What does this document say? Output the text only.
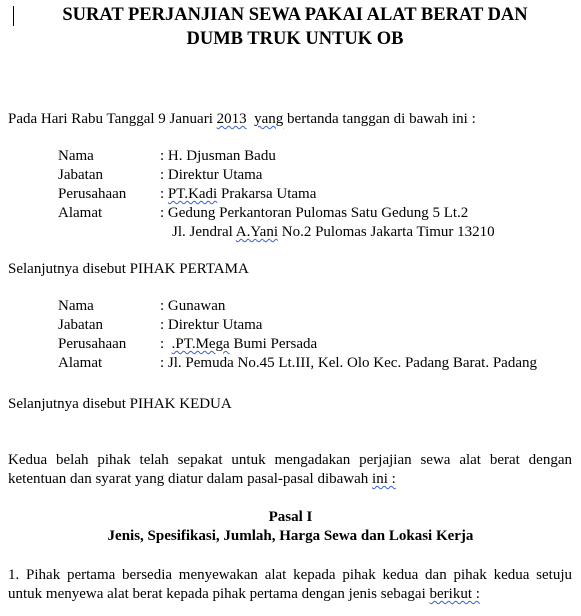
SURAT PERJANJIAN SEWA PAKAI ALAT BERAT DAN
DUMB TRUK UNTUK OB
Pada Hari Rabu Tanggal 9 Januari 2013 yang bertanda tanggan di bawah ini :
Nama	: H. Djusman Badu
Jabatan	: Direktur Utama
Perusahaan : PT.Kadi Prakarsa Utama
Alamat	: Gedung Perkantoran Pulomas Satu Gedung 5 Lt.2
Jl. Jendral A.Yani No.2 Pulomas Jakarta Timur 13210
Selanjutnya disebut PIHAK PERTAMA
Nama	: Gunawan
Jabatan	: Direktur Utama
Perusahaan :  .PT.Mega Bumi Persada
Alamat	: Jl. Pemuda No.45 Lt.III, Kel. Olo Kec. Padang Barat. Padang
Selanjutnya disebut PIHAK KEDUA
Kedua belah pihak telah sepakat untuk mengadakan perjajian sewa alat berat dengan
ketentuan dan syarat yang diatur dalam pasal-pasal dibawah ini :
Pasal I
Jenis, Spesifikasi, Jumlah, Harga Sewa dan Lokasi Kerja
1. Pihak pertama bersedia menyewakan alat kepada pihak kedua dan pihak kedua setuju
untuk menyewa alat berat kepada pihak pertama dengan jenis sebagai berikut :
